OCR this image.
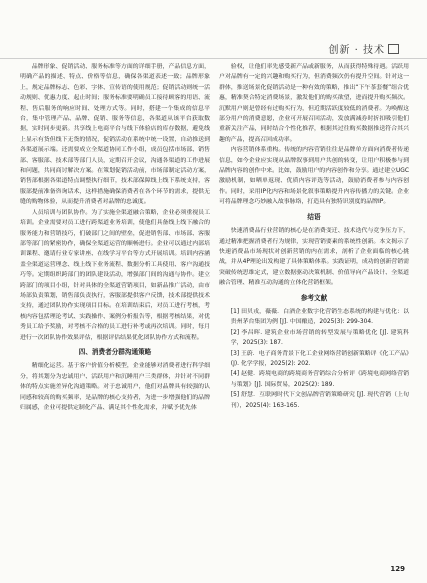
创新 · 技术

品牌形象、促销活动、服务标准等方面的详细手册，产品信息方面，明确产品的描述、特点、价格等信息，确保各渠道表述一致；品牌形象上，规定品牌标志、色彩、字体、宣传语的使用规范；促销活动则统一活动规则、优惠力度、起止时间；服务标准要明确员工接待顾客的用语、流程、售后服务的响应时间、处理方式等。同时，搭建一个集成的信息平台，集中管理产品、品牌、促销、服务等信息，各渠道从该平台获取数据，实时同步更新。共享线上电商平台与线下体验店的库存数据，避免线上显示有货但线下无货的情况，促销活动在系统中统一设置，自动推送到各渠道展示端。还需要成立全渠道协同工作小组，成员包括市场部、销售部、客服部、技术部等部门人员，定期召开会议，沟通各渠道的工作进展和问题，共同商讨解决方案。在策划促销活动前，市场部制定活动方案，销售部根据各渠道特点调整执行细节，技术部保障线上线下系统支持，客服部提前准备咨询话术，这样措施确保消费者在各个环节的需求，提供无缝的购物体验，从而提升消费者对品牌的忠诚度。

人员培训与团队协作。为了实施全渠道融合策略，企业必须重视员工培训。企业需要对员工进行跨渠道业务培训，使他们具备线上线下融合的服务能力和营销技巧，们破部门之间的壁垒，促进销售部、市场部、客服部等部门的紧密协作，确保全渠道运营的顺畅进行。企业可以通过内部培训课程、邀请行业专家讲座、在线学习平台等方式开展培训。培训内容涵盖全渠道运营理念、线上线下业务流程、数据分析工具使用、客户沟通技巧等。定期组织跨部门的团队建设活动，增强部门间的沟通与协作。建立跨部门的项目小组，针对具体的全渠道营销项目，如新品推广活动，由市场部负责策划，销售部负责执行，客服部提供客户反馈，技术部提供技术支持，通过团队协作实现项目目标。在培训结束后，对员工进行考核，考核内容包括理论考试、实践操作、案例分析报告等，根据考核结果，对优秀员工给予奖励，对考核不合格的员工进行补考或再次培训。同时，每月进行一次团队协作效果评估，根据评估结果优化团队协作方式和流程。

四、消费者分群沟通策略

精细化运营。基于客户价值分析模型，企业能够对消费者进行科学细分，将其划分为忠诚用户、活跃用户和沉睡用户三类群体，并针对不同群体的特点实施差异化沟通策略。对于忠诚用户，他们对品牌具有较强的认同感和较高的购买频率，是品牌的核心支持者，为进一步增强他们的品牌归属感，企业可提供定制化产品、满足其个性化需求，并赋予优先体

验权，让他们率先感受新产品或新服务，从而获得特殊待遇。活跃用户对品牌有一定的兴趣和购买行为，但消费频次仍有提升空间。针对这一群体，推送场景化促销活动是一种有效的策略，推出“下午茶套餐”组合优惠，精准契合特定消费场景，激发他们的购买欲望，进而提升购买频次。沉默用户则是曾经有过购买行为，但近期活跃度较低的消费者。为唤醒这部分用户的消费意愿，企业可开展召回活动，发放满减券时折扣吸引他们重新关注产品，同时结合个性化推荐，根据其过往购买数据推送符合其兴趣的产品，提高召回成功率。

内容营销体系重构。传统的内容营销往往是品牌单方面向消费者传递信息，如今企业应实现从品牌叙事到用户共创的转变，让用户积极参与到品牌内容的创作中来。比如，鼓励用户的内容创作和分享。通过建立UGC激励机制，如晒单返现、优质内容评选等活动，鼓励消费者参与内容创作。同时，采用IP化内容和场景化叙事策略提升内容传播力的关键。企业可将品牌理念巧妙融入故事脉络，打造具有独特识别度的品牌IP。

结语

快速消费品行业营销的核心是在消费变迁、技术迭代与竞争压力下，通过精准把握消费者行为规律，实现营销要素的系统性创新。本文揭示了快速消费品市场现状对创新营销的内在需求，剖析了企业面临的核心挑战，并从4P理论出发构建了具体策略体系。实践证明，成功的创新营销需突破传统思维定式，建立数据驱动决策机制、价值导向产品设计、全渠道融合管理、精准互动沟通的立体化营销框架。

参考文献

[1] 田贝戎，薇薇．白酒企业数字化营销生态系统的构建与优化：以贵州茅台集团为例 [J]. 中国酿造，2025(3): 299-304.

[2] 李昌晖. 建筑企业市场营销的转型发展与策略优化 [J]. 建筑科学，2025(3): 187.

[3] 王蔚．电子商务背景下化工企业网络营销创新策略评《化工产品》(J). 化学学报，2025(2): 202.

[4] 赵健．跨境电商的跨境商务营销综合分析评《跨境电商网络营销与策划》[J]. 国际贸易，2025(2): 189.

[5] 舒慧．互联网时代下文创品牌营销策略研究 [J]. 现代营销（上旬刊），2025(4): 163-165.

129
